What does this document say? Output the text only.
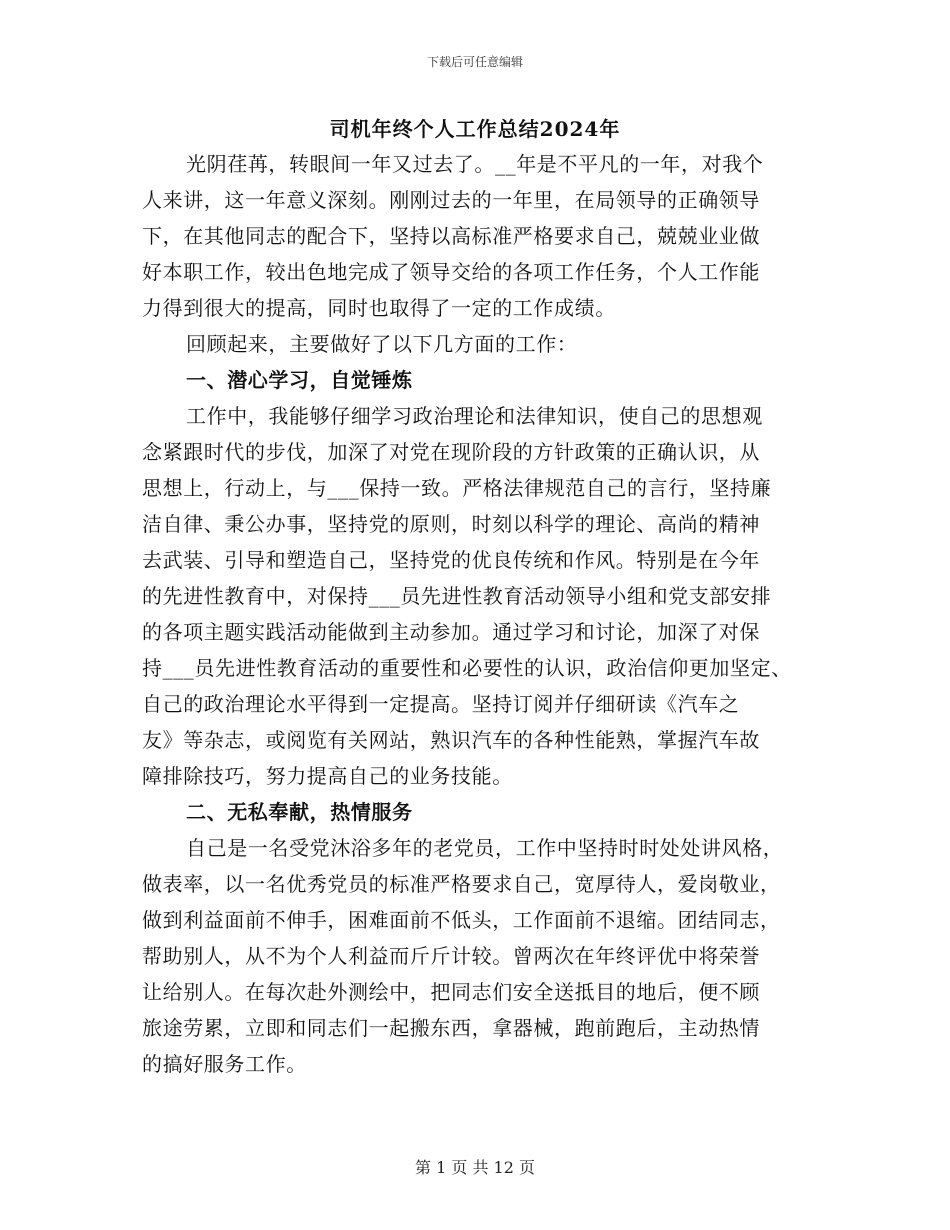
下载后可任意编辑
司机年终个人工作总结2024年
光阴荏苒，转眼间一年又过去了。__年是不平凡的一年，对我个
人来讲，这一年意义深刻。刚刚过去的一年里，在局领导的正确领导
下，在其他同志的配合下，坚持以高标准严格要求自己，兢兢业业做
好本职工作，较出色地完成了领导交给的各项工作任务，个人工作能
力得到很大的提高，同时也取得了一定的工作成绩。
回顾起来，主要做好了以下几方面的工作：
一、潜心学习，自觉锤炼
工作中，我能够仔细学习政治理论和法律知识，使自己的思想观
念紧跟时代的步伐，加深了对党在现阶段的方针政策的正确认识，从
思想上，行动上，与___保持一致。严格法律规范自己的言行，坚持廉
洁自律、秉公办事，坚持党的原则，时刻以科学的理论、高尚的精神
去武装、引导和塑造自己，坚持党的优良传统和作风。特别是在今年
的先进性教育中，对保持___员先进性教育活动领导小组和党支部安排
的各项主题实践活动能做到主动参加。通过学习和讨论，加深了对保
持___员先进性教育活动的重要性和必要性的认识，政治信仰更加坚定、
自己的政治理论水平得到一定提高。坚持订阅并仔细研读《汽车之
友》等杂志，或阅览有关网站，熟识汽车的各种性能熟，掌握汽车故
障排除技巧，努力提高自己的业务技能。
二、无私奉献，热情服务
自己是一名受党沐浴多年的老党员，工作中坚持时时处处讲风格，
做表率，以一名优秀党员的标准严格要求自己，宽厚待人，爱岗敬业，
做到利益面前不伸手，困难面前不低头，工作面前不退缩。团结同志，
帮助别人，从不为个人利益而斤斤计较。曾两次在年终评优中将荣誉
让给别人。在每次赴外测绘中，把同志们安全送抵目的地后，便不顾
旅途劳累，立即和同志们一起搬东西，拿器械，跑前跑后，主动热情
的搞好服务工作。
第 1 页 共 12 页
